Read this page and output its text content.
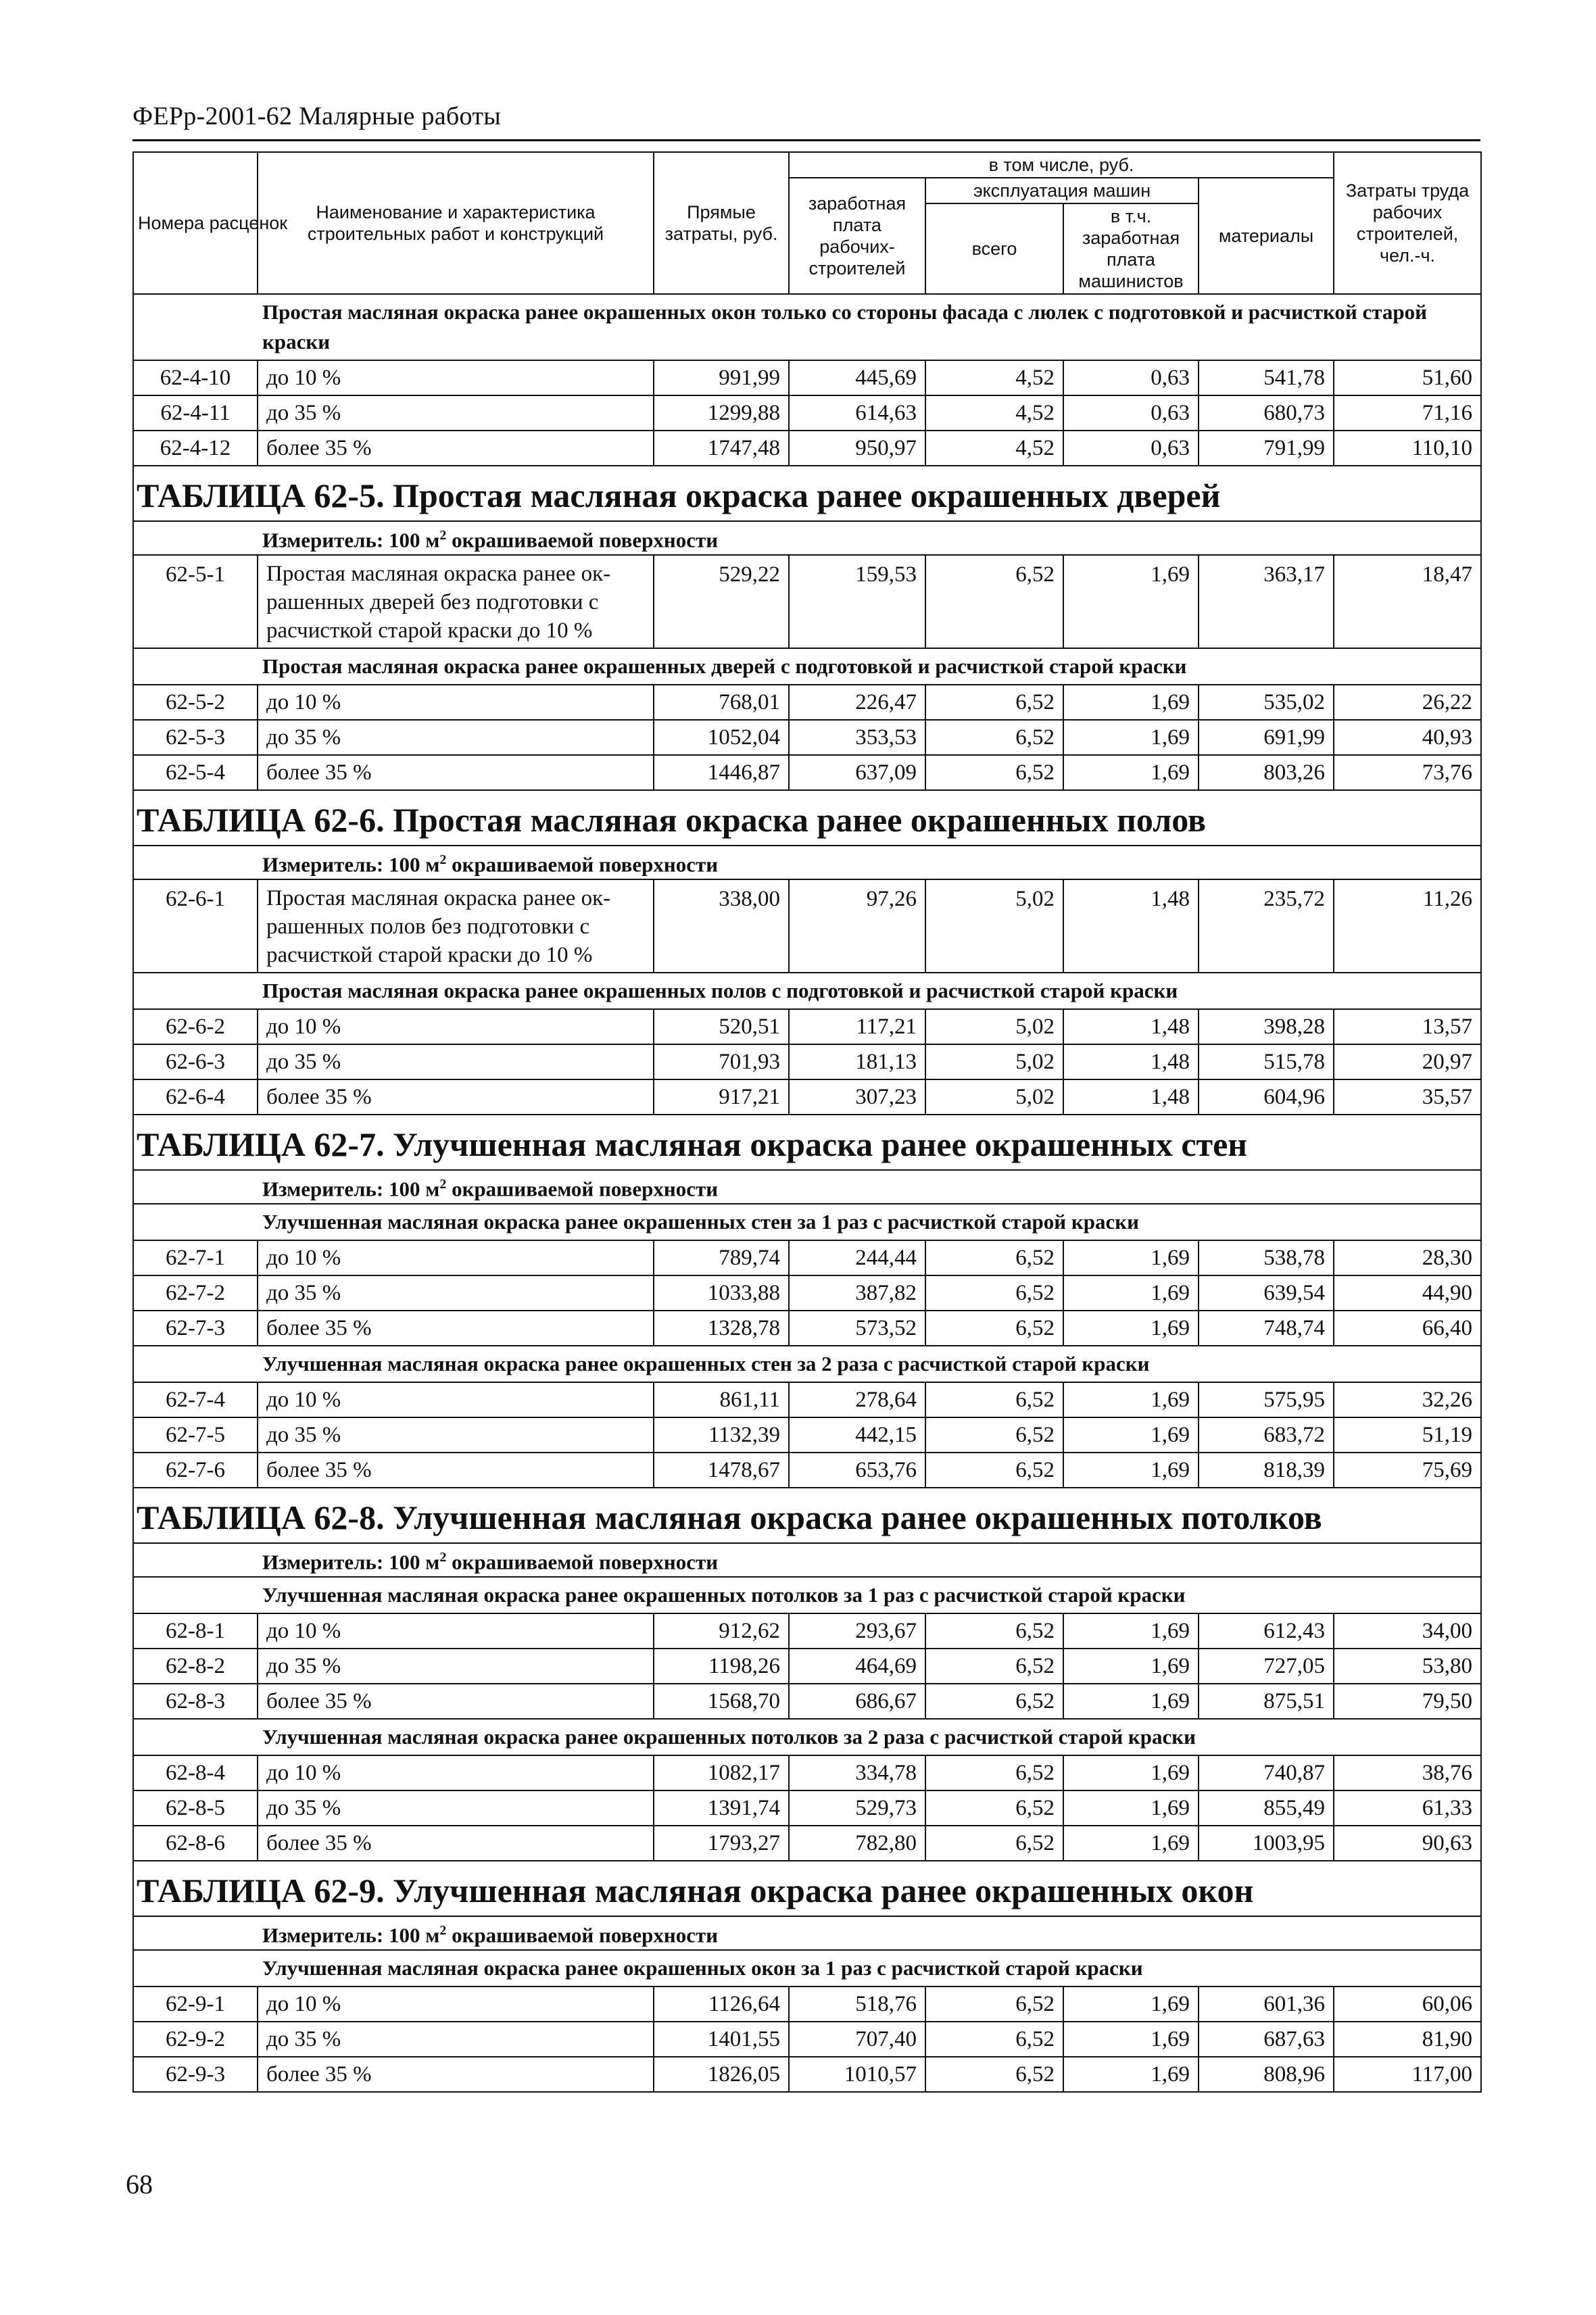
ФЕРр-2001-62 Малярные работы
Номера расценок	Наименование и характеристика строительных работ и конструкций	Прямые затраты, руб.	в том числе, руб.				Затраты труда рабочих строителей, чел.-ч.
			заработная плата рабочих-строителей	эксплуатация машин		материалы	
				всего	в т.ч. заработная плата машинистов		
Простая масляная окраска ранее окрашенных окон только со стороны фасада с люлек с подготовкой и расчисткой старой краски							
62-4-10	до 10 %	991,99	445,69	4,52	0,63	541,78	51,60
62-4-11	до 35 %	1299,88	614,63	4,52	0,63	680,73	71,16
62-4-12	более 35 %	1747,48	950,97	4,52	0,63	791,99	110,10
ТАБЛИЦА 62-5. Простая масляная окраска ранее окрашенных дверей							
Измеритель: 100 $м^2$ окрашиваемой поверхности							
62-5-1	Простая масляная окраска ранее ок-
рашенных дверей без подготовки с
расчисткой старой краски до 10 %	529,22	159,53	6,52	1,69	363,17	18,47
Простая масляная окраска ранее окрашенных дверей с подготовкой и расчисткой старой краски							
62-5-2	до 10 %	768,01	226,47	6,52	1,69	535,02	26,22
62-5-3	до 35 %	1052,04	353,53	6,52	1,69	691,99	40,93
62-5-4	более 35 %	1446,87	637,09	6,52	1,69	803,26	73,76
ТАБЛИЦА 62-6. Простая масляная окраска ранее окрашенных полов							
Измеритель: 100 $м^2$ окрашиваемой поверхности							
62-6-1	Простая масляная окраска ранее ок-
рашенных полов без подготовки с
расчисткой старой краски до 10 %	338,00	97,26	5,02	1,48	235,72	11,26
Простая масляная окраска ранее окрашенных полов с подготовкой и расчисткой старой краски							
62-6-2	до 10 %	520,51	117,21	5,02	1,48	398,28	13,57
62-6-3	до 35 %	701,93	181,13	5,02	1,48	515,78	20,97
62-6-4	более 35 %	917,21	307,23	5,02	1,48	604,96	35,57
ТАБЛИЦА 62-7. Улучшенная масляная окраска ранее окрашенных стен							
Измеритель: 100 $м^2$ окрашиваемой поверхности							
Улучшенная масляная окраска ранее окрашенных стен за 1 раз с расчисткой старой краски							
62-7-1	до 10 %	789,74	244,44	6,52	1,69	538,78	28,30
62-7-2	до 35 %	1033,88	387,82	6,52	1,69	639,54	44,90
62-7-3	более 35 %	1328,78	573,52	6,52	1,69	748,74	66,40
Улучшенная масляная окраска ранее окрашенных стен за 2 раза с расчисткой старой краски							
62-7-4	до 10 %	861,11	278,64	6,52	1,69	575,95	32,26
62-7-5	до 35 %	1132,39	442,15	6,52	1,69	683,72	51,19
62-7-6	более 35 %	1478,67	653,76	6,52	1,69	818,39	75,69
ТАБЛИЦА 62-8. Улучшенная масляная окраска ранее окрашенных потолков							
Измеритель: 100 $м^2$ окрашиваемой поверхности							
Улучшенная масляная окраска ранее окрашенных потолков за 1 раз с расчисткой старой краски							
62-8-1	до 10 %	912,62	293,67	6,52	1,69	612,43	34,00
62-8-2	до 35 %	1198,26	464,69	6,52	1,69	727,05	53,80
62-8-3	более 35 %	1568,70	686,67	6,52	1,69	875,51	79,50
Улучшенная масляная окраска ранее окрашенных потолков за 2 раза с расчисткой старой краски							
62-8-4	до 10 %	1082,17	334,78	6,52	1,69	740,87	38,76
62-8-5	до 35 %	1391,74	529,73	6,52	1,69	855,49	61,33
62-8-6	более 35 %	1793,27	782,80	6,52	1,69	1003,95	90,63
ТАБЛИЦА 62-9. Улучшенная масляная окраска ранее окрашенных окон							
Измеритель: 100 $м^2$ окрашиваемой поверхности							
Улучшенная масляная окраска ранее окрашенных окон за 1 раз с расчисткой старой краски							
62-9-1	до 10 %	1126,64	518,76	6,52	1,69	601,36	60,06
62-9-2	до 35 %	1401,55	707,40	6,52	1,69	687,63	81,90
62-9-3	более 35 %	1826,05	1010,57	6,52	1,69	808,96	117,00
68
